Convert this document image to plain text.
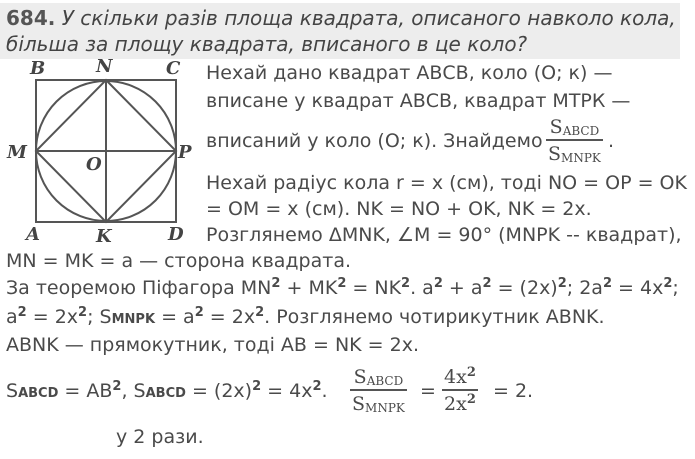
684. У скільки разів площа квадрата, описаного навколо кола,
більша за площу квадрата, вписаного в це коло?
B	N	C
M
O
P
A	K	D
Нехай дано квадрат АВСВ, коло (О; к) —
вписане у квадрат АВСВ, квадрат МТРК —
вписаний у коло (О; к). Знайдемо
$S_{ABCD}$
$S_{MNPK}$
.
Нехай радіус кола r = х (см), тоді NO = OP = OK
= OM = х (см). NK = NO + OK, NK = 2х.
Розглянемо ΔMNK, ∠M = 90° (MNPK -- квадрат),
MN = MK = a — сторона квадрата.
За теоремою Піфагора $MN^2 + MK^2 = NK^2$. $a^2 + a^2 = (2x)^2$; $2a^2 = 4x^2$;
$a^2 = 2x^2$; SMNPK = $a^2 = 2x^2$. Розглянемо чотирикутник ABNK.
ABNK — прямокутник, тоді AB = NK = 2x.
SABCD = $AB^2$, SABCD = $(2x)^2 = 4x^2$.
$S_{ABCD}$
$S_{MNPK}$
=
$4x^2$
$2x^2 = 2$.
у 2 рази.
